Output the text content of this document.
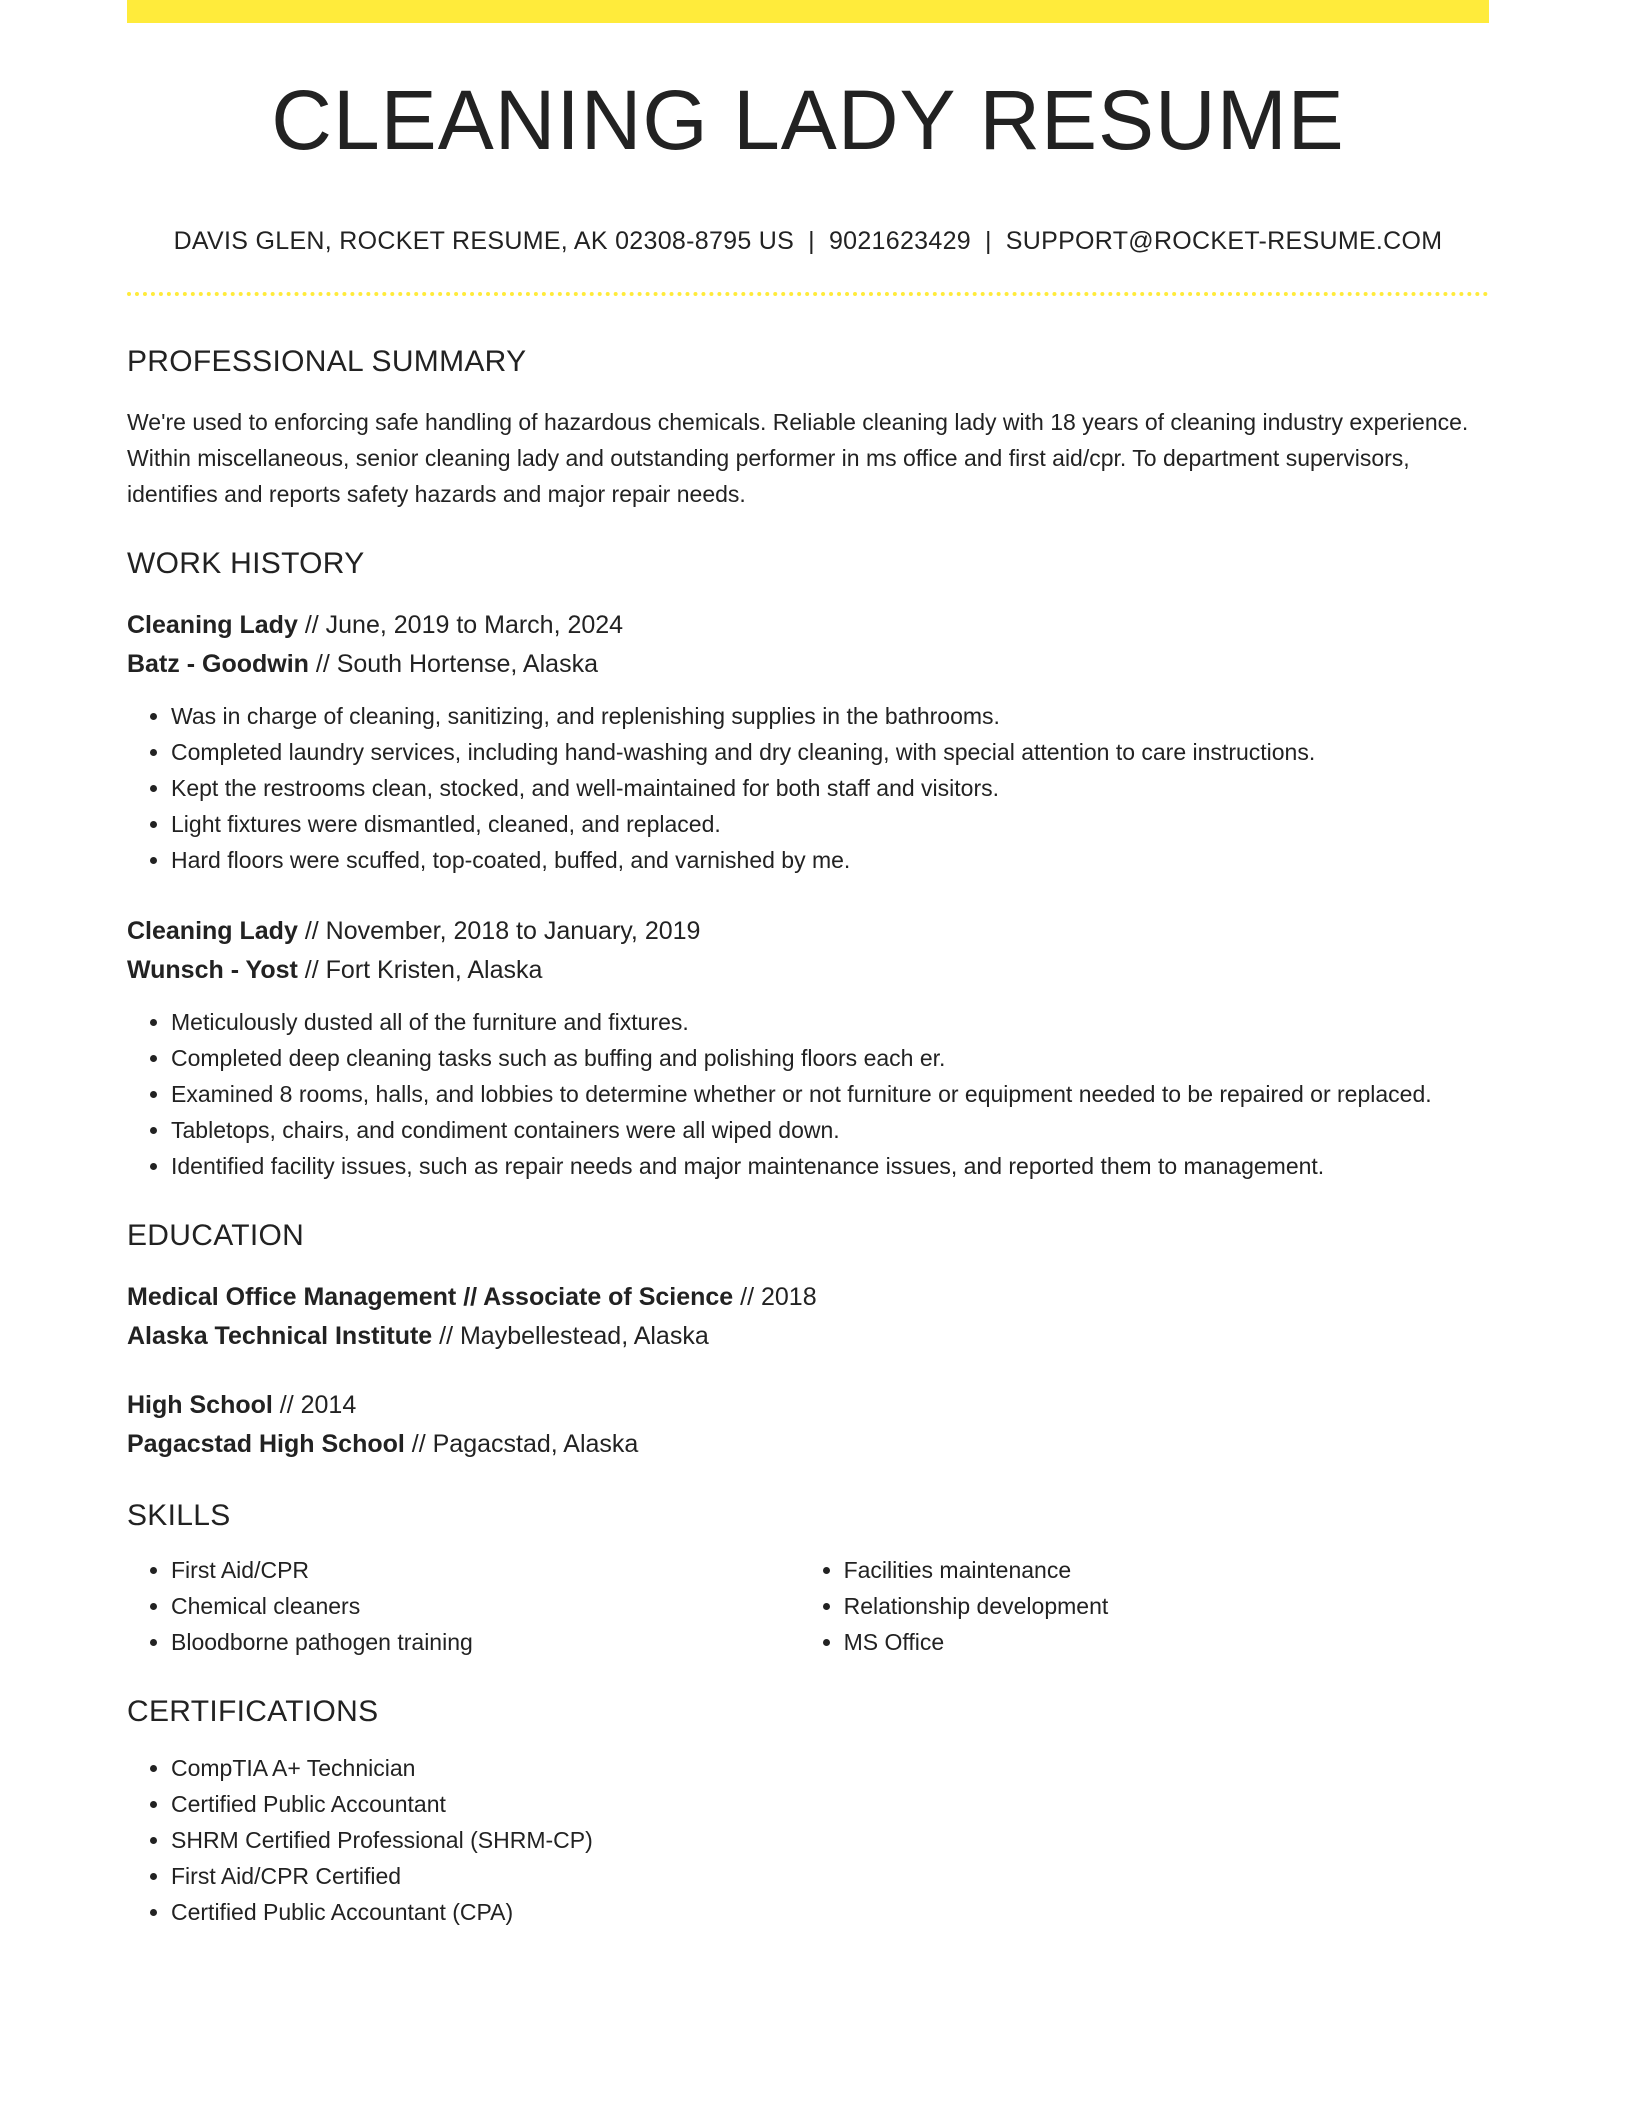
CLEANING LADY RESUME
DAVIS GLEN, ROCKET RESUME, AK 02308-8795 US | 9021623429 | SUPPORT@ROCKET-RESUME.COM
PROFESSIONAL SUMMARY

We're used to enforcing safe handling of hazardous chemicals. Reliable cleaning lady with 18 years of cleaning industry experience. Within miscellaneous, senior cleaning lady and outstanding performer in ms office and first aid/cpr. To department supervisors, identifies and reports safety hazards and major repair needs.

WORK HISTORY
Cleaning Lady // June, 2019 to March, 2024
Batz - Goodwin // South Hortense, Alaska
• Was in charge of cleaning, sanitizing, and replenishing supplies in the bathrooms.
• Completed laundry services, including hand-washing and dry cleaning, with special attention to care instructions.
• Kept the restrooms clean, stocked, and well-maintained for both staff and visitors.
• Light fixtures were dismantled, cleaned, and replaced.
• Hard floors were scuffed, top-coated, buffed, and varnished by me.
Cleaning Lady // November, 2018 to January, 2019
Wunsch - Yost // Fort Kristen, Alaska
• Meticulously dusted all of the furniture and fixtures.
• Completed deep cleaning tasks such as buffing and polishing floors each er.
• Examined 8 rooms, halls, and lobbies to determine whether or not furniture or equipment needed to be repaired or replaced.
• Tabletops, chairs, and condiment containers were all wiped down.
• Identified facility issues, such as repair needs and major maintenance issues, and reported them to management.
EDUCATION
Medical Office Management // Associate of Science // 2018
Alaska Technical Institute // Maybellestead, Alaska
High School // 2014
Pagacstad High School // Pagacstad, Alaska
SKILLS
• First Aid/CPR
• Chemical cleaners
• Bloodborne pathogen training
• Facilities maintenance
• Relationship development
• MS Office
CERTIFICATIONS
• CompTIA A+ Technician
• Certified Public Accountant
• SHRM Certified Professional (SHRM-CP)
• First Aid/CPR Certified
• Certified Public Accountant (CPA)
